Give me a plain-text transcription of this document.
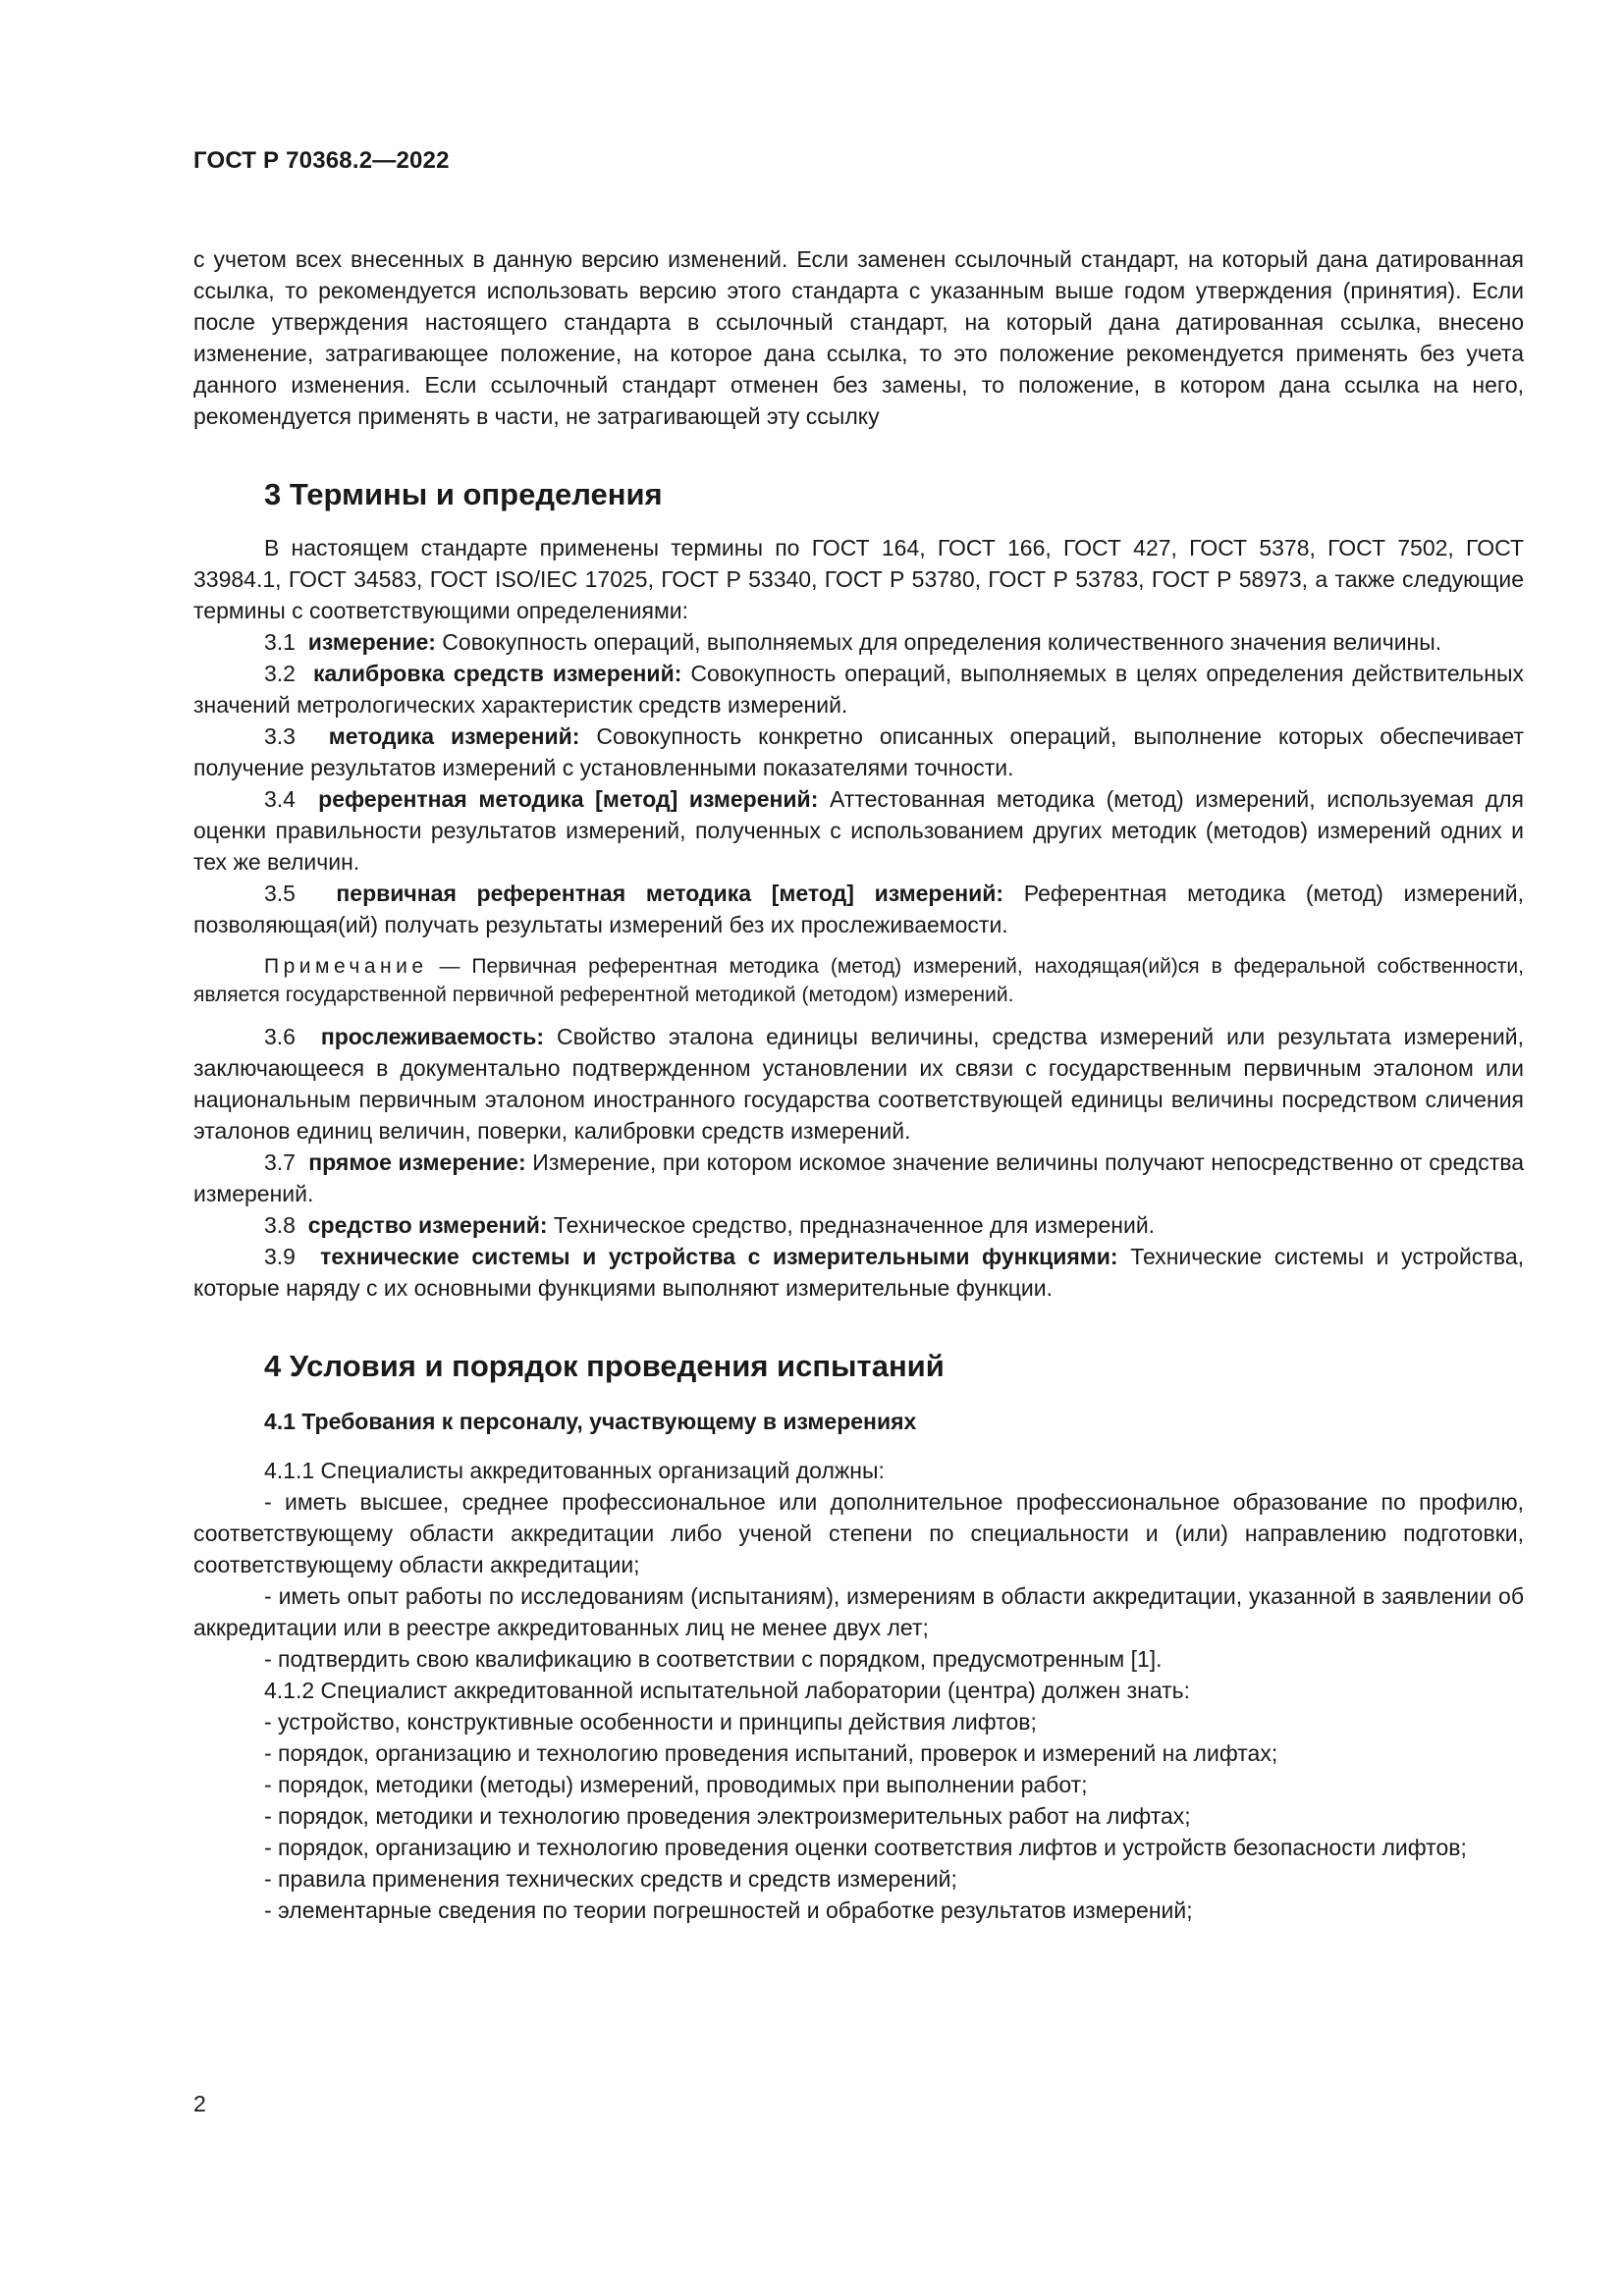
ГОСТ Р 70368.2—2022

с учетом всех внесенных в данную версию изменений. Если заменен ссылочный стандарт, на который дана датированная ссылка, то рекомендуется использовать версию этого стандарта с указанным выше годом утверждения (принятия). Если после утверждения настоящего стандарта в ссылочный стандарт, на который дана датированная ссылка, внесено изменение, затрагивающее положение, на которое дана ссылка, то это положение рекомендуется применять без учета данного изменения. Если ссылочный стандарт отменен без замены, то положение, в котором дана ссылка на него, рекомендуется применять в части, не затрагивающей эту ссылку

3 Термины и определения

В настоящем стандарте применены термины по ГОСТ 164, ГОСТ 166, ГОСТ 427, ГОСТ 5378, ГОСТ 7502, ГОСТ 33984.1, ГОСТ 34583, ГОСТ ISO/IEC 17025, ГОСТ Р 53340, ГОСТ Р 53780, ГОСТ Р 53783, ГОСТ Р 58973, а также следующие термины с соответствующими определениями:

3.1 измерение: Совокупность операций, выполняемых для определения количественного значения величины.

3.2 калибровка средств измерений: Совокупность операций, выполняемых в целях определения действительных значений метрологических характеристик средств измерений.

3.3 методика измерений: Совокупность конкретно описанных операций, выполнение которых обеспечивает получение результатов измерений с установленными показателями точности.

3.4 референтная методика [метод] измерений: Аттестованная методика (метод) измерений, используемая для оценки правильности результатов измерений, полученных с использованием других методик (методов) измерений одних и тех же величин.

3.5 первичная референтная методика [метод] измерений: Референтная методика (метод) измерений, позволяющая(ий) получать результаты измерений без их прослеживаемости.

Примечание — Первичная референтная методика (метод) измерений, находящая(ий)ся в федеральной собственности, является государственной первичной референтной методикой (методом) измерений.

3.6 прослеживаемость: Свойство эталона единицы величины, средства измерений или результата измерений, заключающееся в документально подтвержденном установлении их связи с государственным первичным эталоном или национальным первичным эталоном иностранного государства соответствующей единицы величины посредством сличения эталонов единиц величин, поверки, калибровки средств измерений.

3.7 прямое измерение: Измерение, при котором искомое значение величины получают непосредственно от средства измерений.

3.8 средство измерений: Техническое средство, предназначенное для измерений.

3.9 технические системы и устройства с измерительными функциями: Технические системы и устройства, которые наряду с их основными функциями выполняют измерительные функции.

4 Условия и порядок проведения испытаний
4.1 Требования к персоналу, участвующему в измерениях

4.1.1 Специалисты аккредитованных организаций должны:

- иметь высшее, среднее профессиональное или дополнительное профессиональное образование по профилю, соответствующему области аккредитации либо ученой степени по специальности и (или) направлению подготовки, соответствующему области аккредитации;

- иметь опыт работы по исследованиям (испытаниям), измерениям в области аккредитации, указанной в заявлении об аккредитации или в реестре аккредитованных лиц не менее двух лет;

- подтвердить свою квалификацию в соответствии с порядком, предусмотренным [1].

4.1.2 Специалист аккредитованной испытательной лаборатории (центра) должен знать:

- устройство, конструктивные особенности и принципы действия лифтов;

- порядок, организацию и технологию проведения испытаний, проверок и измерений на лифтах;

- порядок, методики (методы) измерений, проводимых при выполнении работ;

- порядок, методики и технологию проведения электроизмерительных работ на лифтах;

- порядок, организацию и технологию проведения оценки соответствия лифтов и устройств безопасности лифтов;

- правила применения технических средств и средств измерений;

- элементарные сведения по теории погрешностей и обработке результатов измерений;

2
